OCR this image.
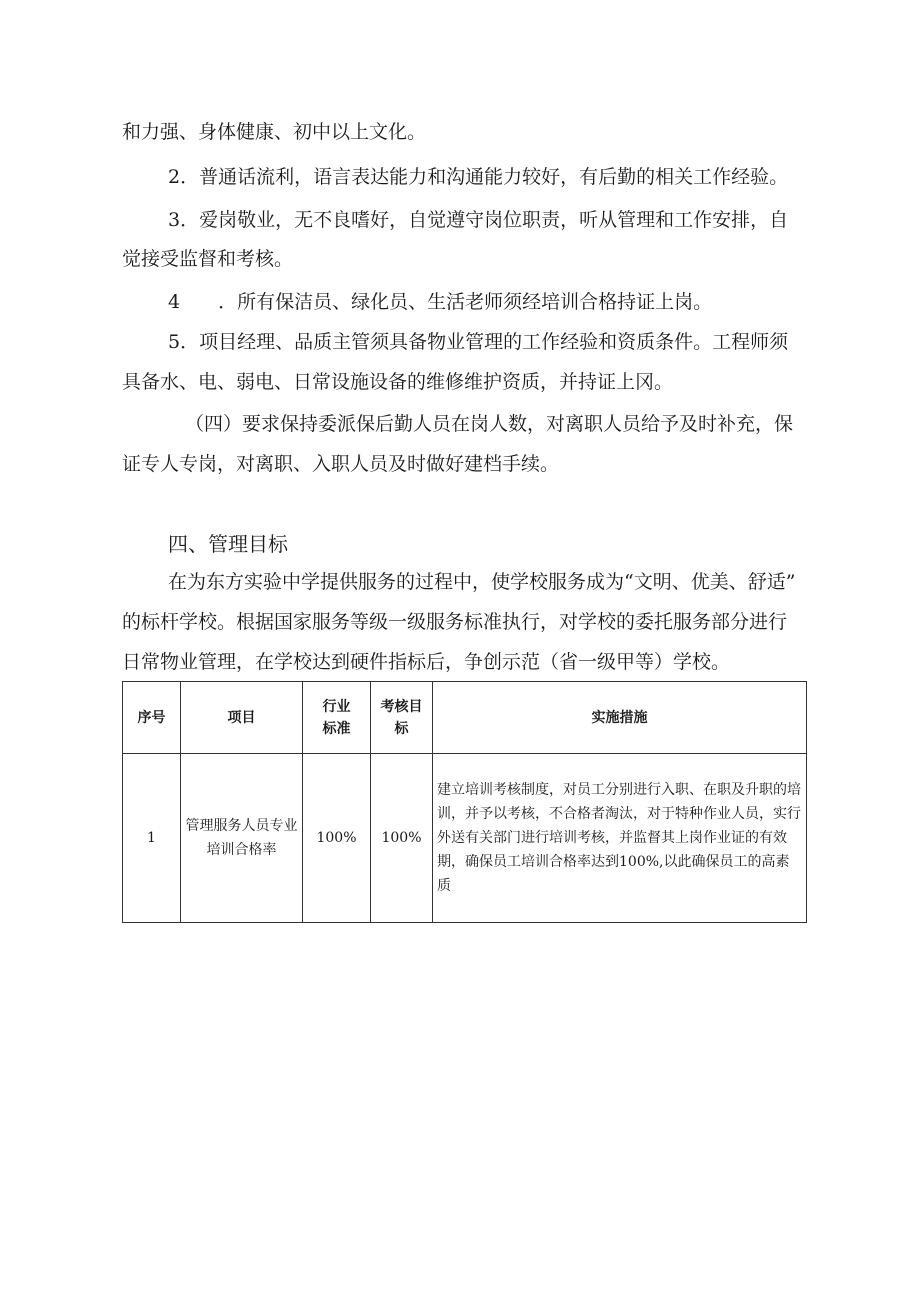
和力强、身体健康、初中以上文化。
2．普通话流利，语言表达能力和沟通能力较好，有后勤的相关工作经验。
3．爱岗敬业，无不良嗜好，自觉遵守岗位职责，听从管理和工作安排，自
觉接受监督和考核。
4　　．所有保洁员、绿化员、生活老师须经培训合格持证上岗。
5．项目经理、品质主管须具备物业管理的工作经验和资质条件。工程师须
具备水、电、弱电、日常设施设备的维修维护资质，并持证上冈。
（四）要求保持委派保后勤人员在岗人数，对离职人员给予及时补充，保
证专人专岗，对离职、入职人员及时做好建档手续。
四、管理目标
在为东方实验中学提供服务的过程中，使学校服务成为“文明、优美、舒适”
的标杆学校。根据国家服务等级一级服务标准执行，对学校的委托服务部分进行
日常物业管理，在学校达到硬件指标后，争创示范（省一级甲等）学校。
序号	项目	行业标准	考核目标	实施措施
1	管理服务人员专业培训合格率	100%	100%	建立培训考核制度，对员工分别进行入职、在职及升职的培训，并予以考核，不合格者淘汰，对于特种作业人员，实行外送有关部门进行培训考核，并监督其上岗作业证的有效期，确保员工培训合格率达到100%,以此确保员工的高素质
